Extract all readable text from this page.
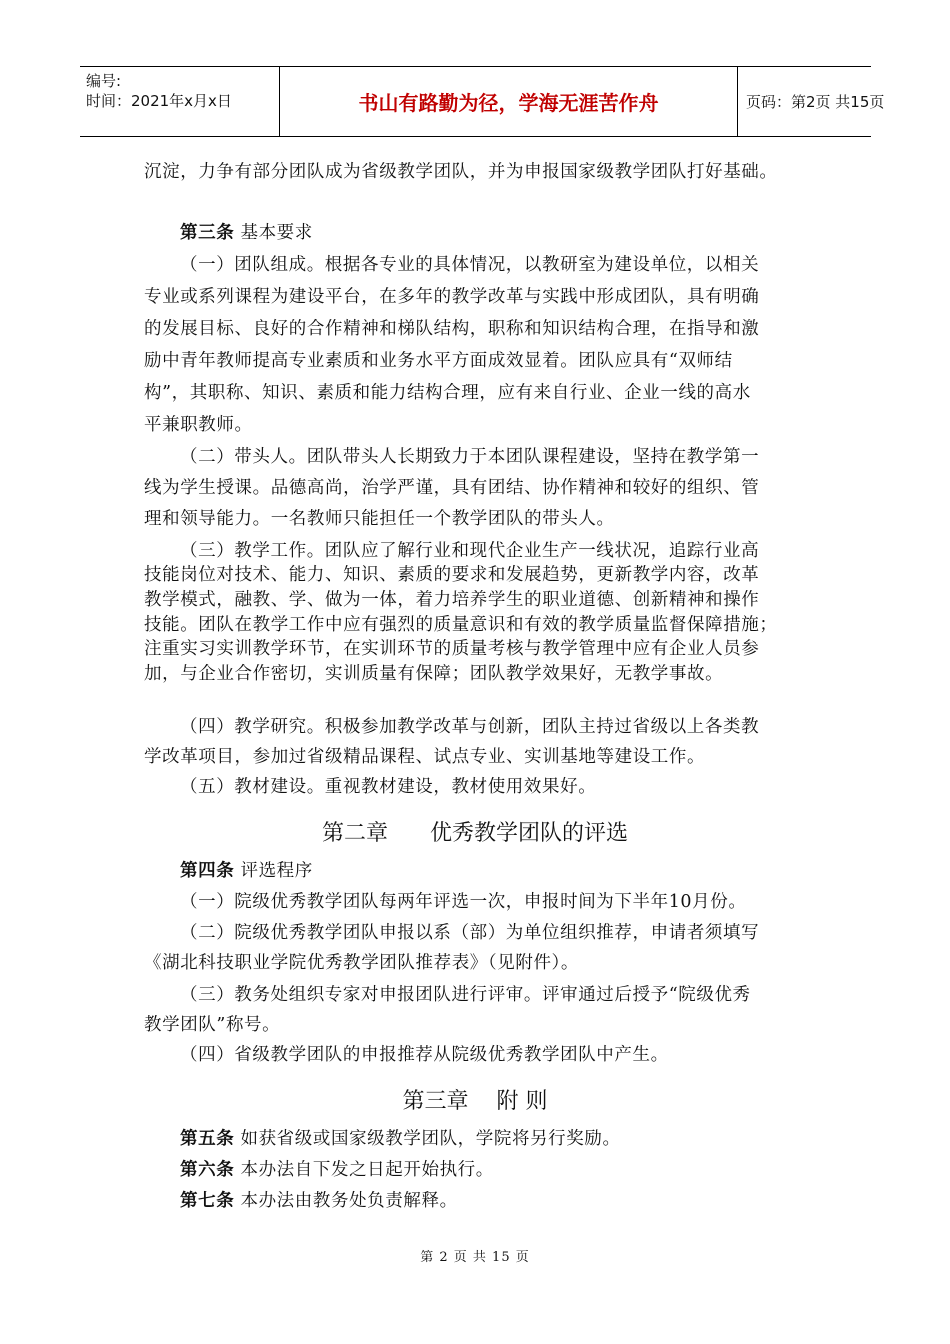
编号:
时间：2021年x月x日	书山有路勤为径，学海无涯苦作舟	页码：第2页 共15页
沉淀，力争有部分团队成为省级教学团队，并为申报国家级教学团队打好基础。
第三条 基本要求
（一）团队组成。根据各专业的具体情况，以教研室为建设单位，以相关
专业或系列课程为建设平台，在多年的教学改革与实践中形成团队，具有明确
的发展目标、良好的合作精神和梯队结构，职称和知识结构合理，在指导和激
励中青年教师提高专业素质和业务水平方面成效显着。团队应具有“双师结
构”，其职称、知识、素质和能力结构合理，应有来自行业、企业一线的高水
平兼职教师。
（二）带头人。团队带头人长期致力于本团队课程建设，坚持在教学第一
线为学生授课。品德高尚，治学严谨，具有团结、协作精神和较好的组织、管
理和领导能力。一名教师只能担任一个教学团队的带头人。
（三）教学工作。团队应了解行业和现代企业生产一线状况，追踪行业高
技能岗位对技术、能力、知识、素质的要求和发展趋势，更新教学内容，改革
教学模式，融教、学、做为一体，着力培养学生的职业道德、创新精神和操作
技能。团队在教学工作中应有强烈的质量意识和有效的教学质量监督保障措施；
注重实习实训教学环节，在实训环节的质量考核与教学管理中应有企业人员参
加，与企业合作密切，实训质量有保障；团队教学效果好，无教学事故。
（四）教学研究。积极参加教学改革与创新，团队主持过省级以上各类教
学改革项目，参加过省级精品课程、试点专业、实训基地等建设工作。
（五）教材建设。重视教材建设，教材使用效果好。
第二章      优秀教学团队的评选
第四条 评选程序
（一）院级优秀教学团队每两年评选一次，申报时间为下半年10月份。
（二）院级优秀教学团队申报以系（部）为单位组织推荐，申请者须填写
《湖北科技职业学院优秀教学团队推荐表》（见附件）。
（三）教务处组织专家对申报团队进行评审。评审通过后授予“院级优秀
教学团队”称号。
（四）省级教学团队的申报推荐从院级优秀教学团队中产生。
第三章    附 则
第五条 如获省级或国家级教学团队，学院将另行奖励。
第六条 本办法自下发之日起开始执行。
第七条 本办法由教务处负责解释。
第 2 页 共 15 页
